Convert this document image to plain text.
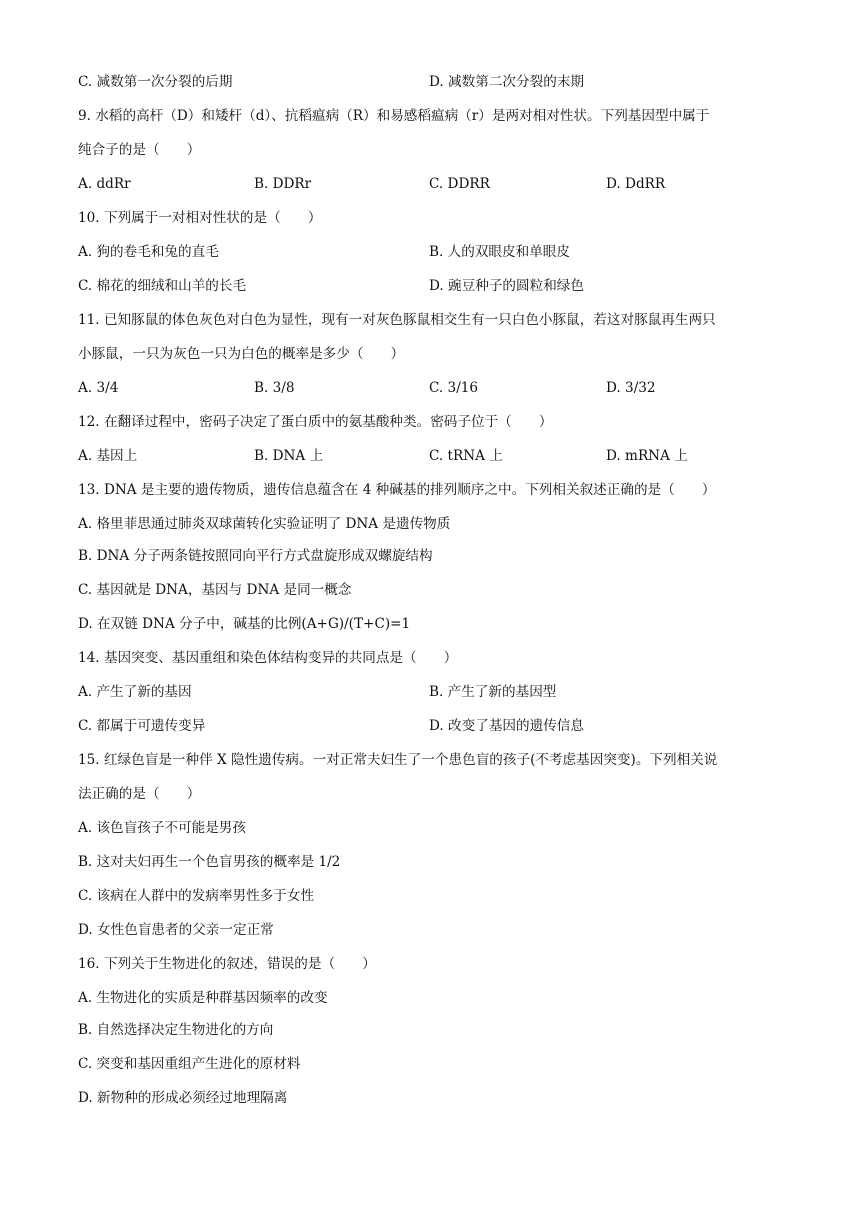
C. 减数第一次分裂的后期	D. 减数第二次分裂的末期
9. 水稻的高杆（D）和矮杆（d）、抗稻瘟病（R）和易感稻瘟病（r）是两对相对性状。下列基因型中属于
纯合子的是（　　）
A. ddRr	B. DDRr	C. DDRR	D. DdRR
10. 下列属于一对相对性状的是（　　）
A. 狗的卷毛和兔的直毛	B. 人的双眼皮和单眼皮
C. 棉花的细绒和山羊的长毛	D. 豌豆种子的圆粒和绿色
11. 已知豚鼠的体色灰色对白色为显性，现有一对灰色豚鼠相交生有一只白色小豚鼠，若这对豚鼠再生两只
小豚鼠，一只为灰色一只为白色的概率是多少（　　）
A. 3/4	B. 3/8	C. 3/16	D. 3/32
12. 在翻译过程中，密码子决定了蛋白质中的氨基酸种类。密码子位于（　　）
A. 基因上	B. DNA 上	C. tRNA 上	D. mRNA 上
13. DNA 是主要的遗传物质，遗传信息蕴含在 4 种碱基的排列顺序之中。下列相关叙述正确的是（　　）
A. 格里菲思通过肺炎双球菌转化实验证明了 DNA 是遗传物质
B. DNA 分子两条链按照同向平行方式盘旋形成双螺旋结构
C. 基因就是 DNA，基因与 DNA 是同一概念
D. 在双链 DNA 分子中，碱基的比例(A+G)/(T+C)=1
14. 基因突变、基因重组和染色体结构变异的共同点是（　　）
A. 产生了新的基因	B. 产生了新的基因型
C. 都属于可遗传变异	D. 改变了基因的遗传信息
15. 红绿色盲是一种伴 X 隐性遗传病。一对正常夫妇生了一个患色盲的孩子(不考虑基因突变)。下列相关说
法正确的是（　　）
A. 该色盲孩子不可能是男孩
B. 这对夫妇再生一个色盲男孩的概率是 1/2
C. 该病在人群中的发病率男性多于女性
D. 女性色盲患者的父亲一定正常
16. 下列关于生物进化的叙述，错误的是（　　）
A. 生物进化的实质是种群基因频率的改变
B. 自然选择决定生物进化的方向
C. 突变和基因重组产生进化的原材料
D. 新物种的形成必须经过地理隔离
